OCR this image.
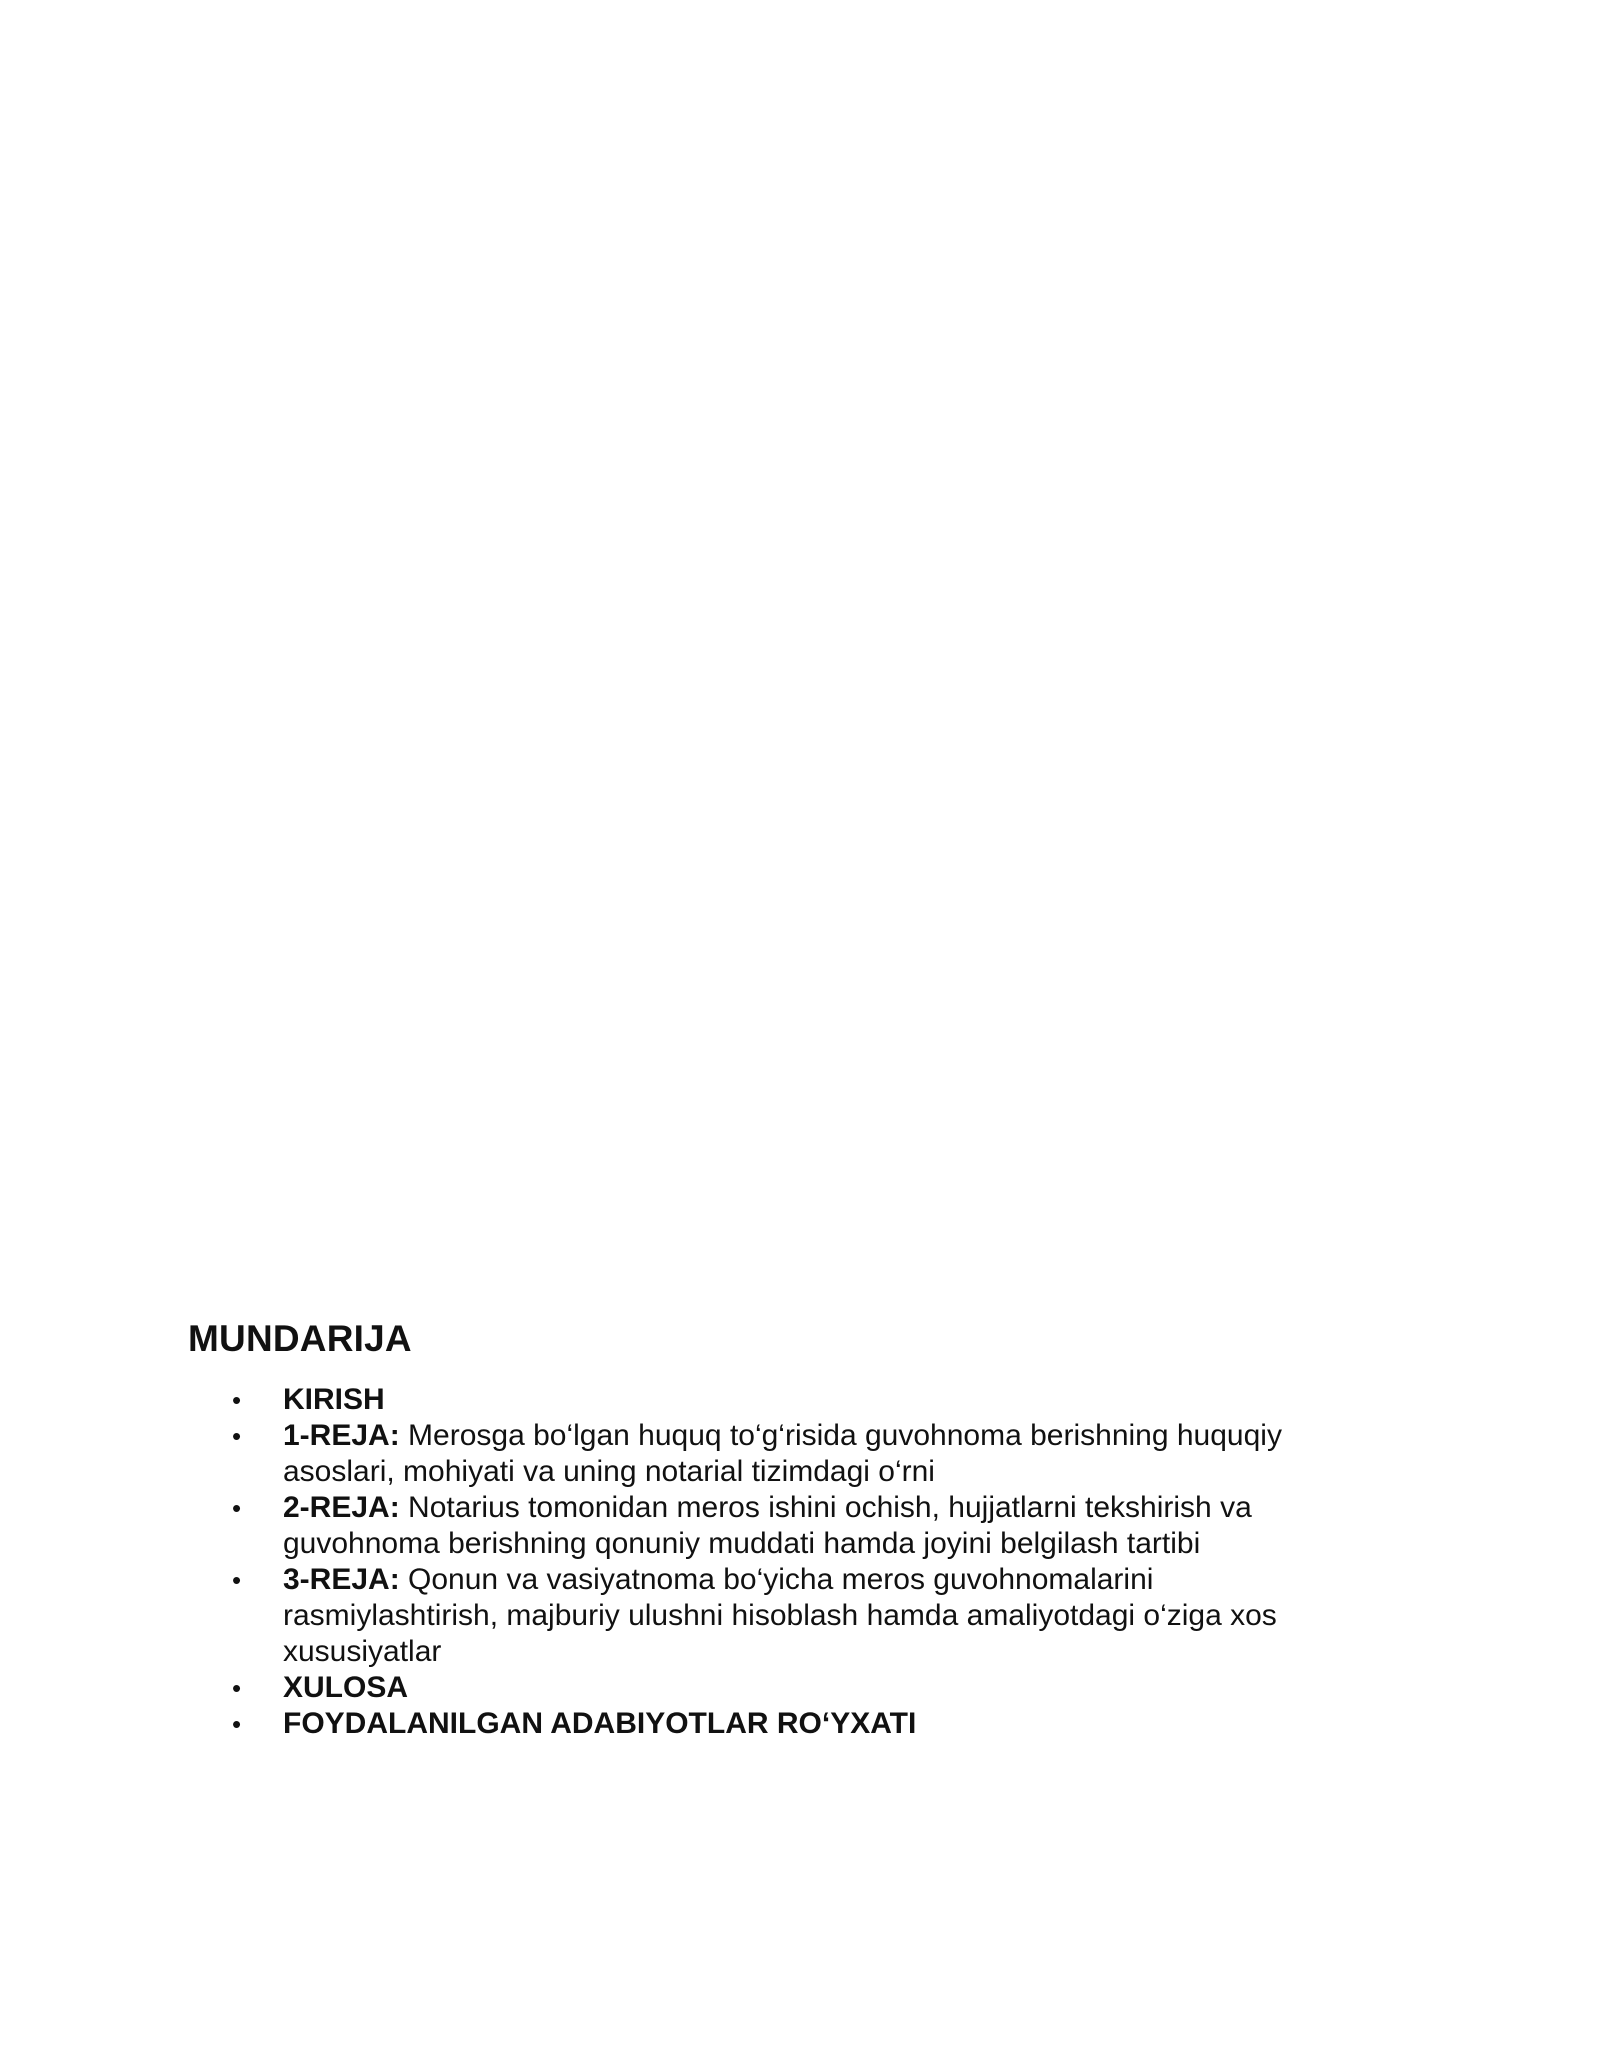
MUNDARIJA
• KIRISH
• 1-REJA: Merosga bo‘lgan huquq to‘g‘risida guvohnoma berishning huquqiy asoslari, mohiyati va uning notarial tizimdagi o‘rni
• 2-REJA: Notarius tomonidan meros ishini ochish, hujjatlarni tekshirish va guvohnoma berishning qonuniy muddati hamda joyini belgilash tartibi
• 3-REJA: Qonun va vasiyatnoma bo‘yicha meros guvohnomalarini rasmiylashtirish, majburiy ulushni hisoblash hamda amaliyotdagi o‘ziga xos xususiyatlar
• XULOSA
• FOYDALANILGAN ADABIYOTLAR RO‘YXATI
